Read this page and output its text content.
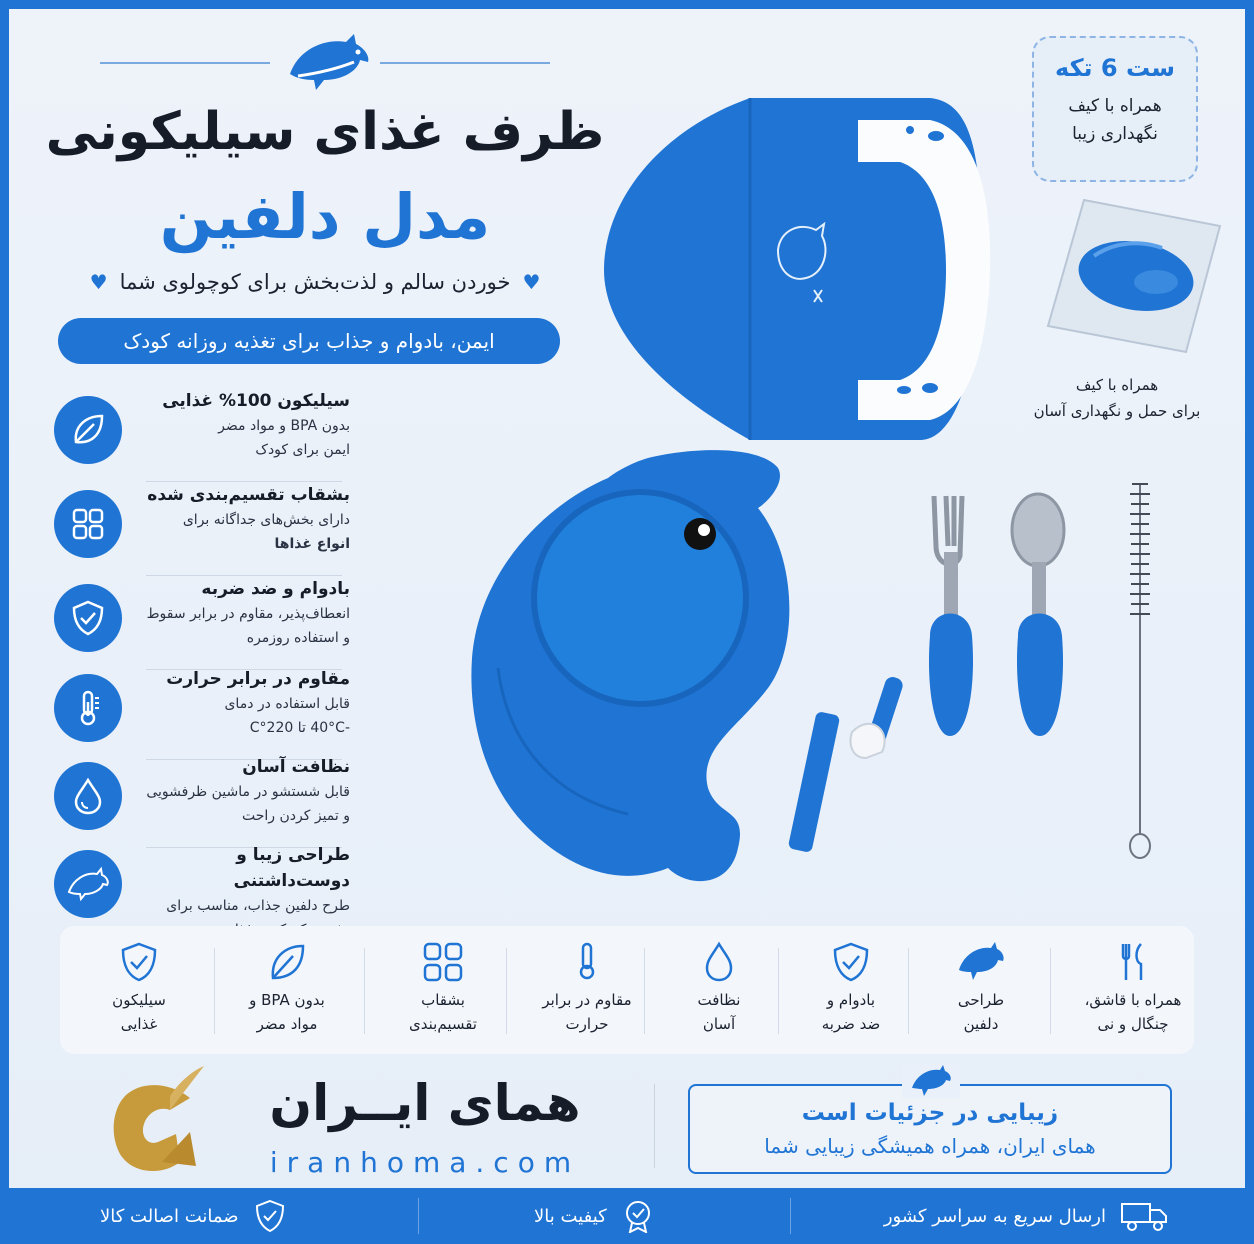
ظرف غذای سیلیکونی
مدل دلفین
♥
خوردن سالم و لذت‌بخش برای کوچولوی شما
♥
ایمن، بادوام و جذاب برای تغذیه روزانه کودک
ست 6 تکه
همراه با کیف
نگهداری زیبا
همراه با کیف
برای حمل و نگهداری آسان
سیلیکون 100% غذایی
بدون BPA و مواد مضر
ایمن برای کودک
بشقاب تقسیم‌بندی شده
دارای بخش‌های جداگانه برای
انواع غذاها
بادوام و ضد ضربه
انعطاف‌پذیر، مقاوم در برابر سقوط
و استفاده روزمره
مقاوم در برابر حرارت
قابل استفاده در دمای
-40°C تا 220°C
نظافت آسان
قابل شستشو در ماشین ظرفشویی
و تمیز کردن راحت
طراحی زیبا و دوست‌داشتنی
طرح دلفین جذاب، مناسب برای
همراه با قاشق،
چنگال و نی
طراحی
دلفین
بادوام و
ضد ضربه
نظافت
آسان
مقاوم در برابر
حرارت
بشقاب
تقسیم‌بندی
بدون BPA و
مواد مضر
سیلیکون
غذایی
همای ایــران
iranhoma.com
زیبایی در جزئیات است
همای ایران، همراه همیشگی زیبایی شما
ارسال سریع به سراسر کشور
کیفیت بالا
ضمانت اصالت کالا
